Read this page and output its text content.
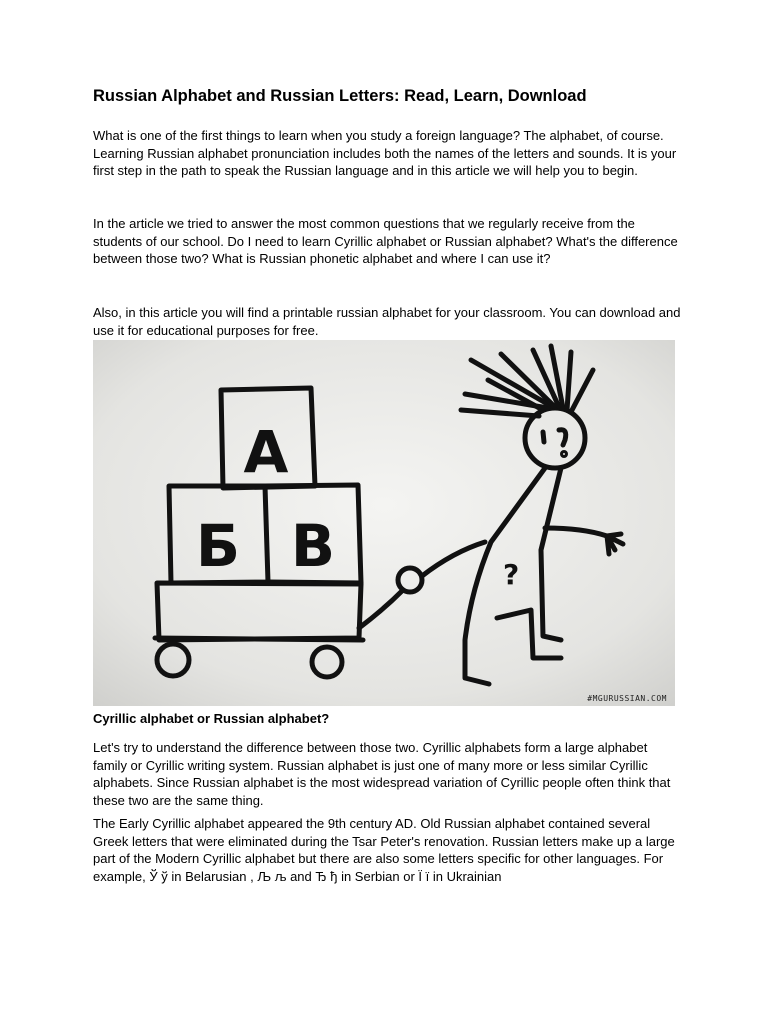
Russian Alphabet and Russian Letters: Read, Learn, Download

What is one of the first things to learn when you study a foreign language? The alphabet, of course. Learning Russian alphabet pronunciation includes both the names of the letters and sounds. It is your first step in the path to speak the Russian language and in this article we will help you to begin.

In the article we tried to answer the most common questions that we regularly receive from the students of our school. Do I need to learn Cyrillic alphabet or Russian alphabet? What's the difference between those two? What is Russian phonetic alphabet and where I can use it?

Also, in this article you will find a printable russian alphabet for your classroom. You can download and use it for educational purposes for free.

?
А
Б В
#MGURUSSIAN.COM

Cyrillic alphabet or Russian alphabet?

Let's try to understand the difference between those two. Cyrillic alphabets form a large alphabet family or Cyrillic writing system. Russian alphabet is just one of many more or less similar Cyrillic alphabets. Since Russian alphabet is the most widespread variation of Cyrillic people often think that these two are the same thing.

The Early Cyrillic alphabet appeared the 9th century AD. Old Russian alphabet contained several Greek letters that were eliminated during the Tsar Peter's renovation. Russian letters make up a large part of the Modern Cyrillic alphabet but there are also some letters specific for other languages. For example, Ў ў in Belarusian , Љ љ and Ђ ђ in Serbian or Ї ї in Ukrainian
